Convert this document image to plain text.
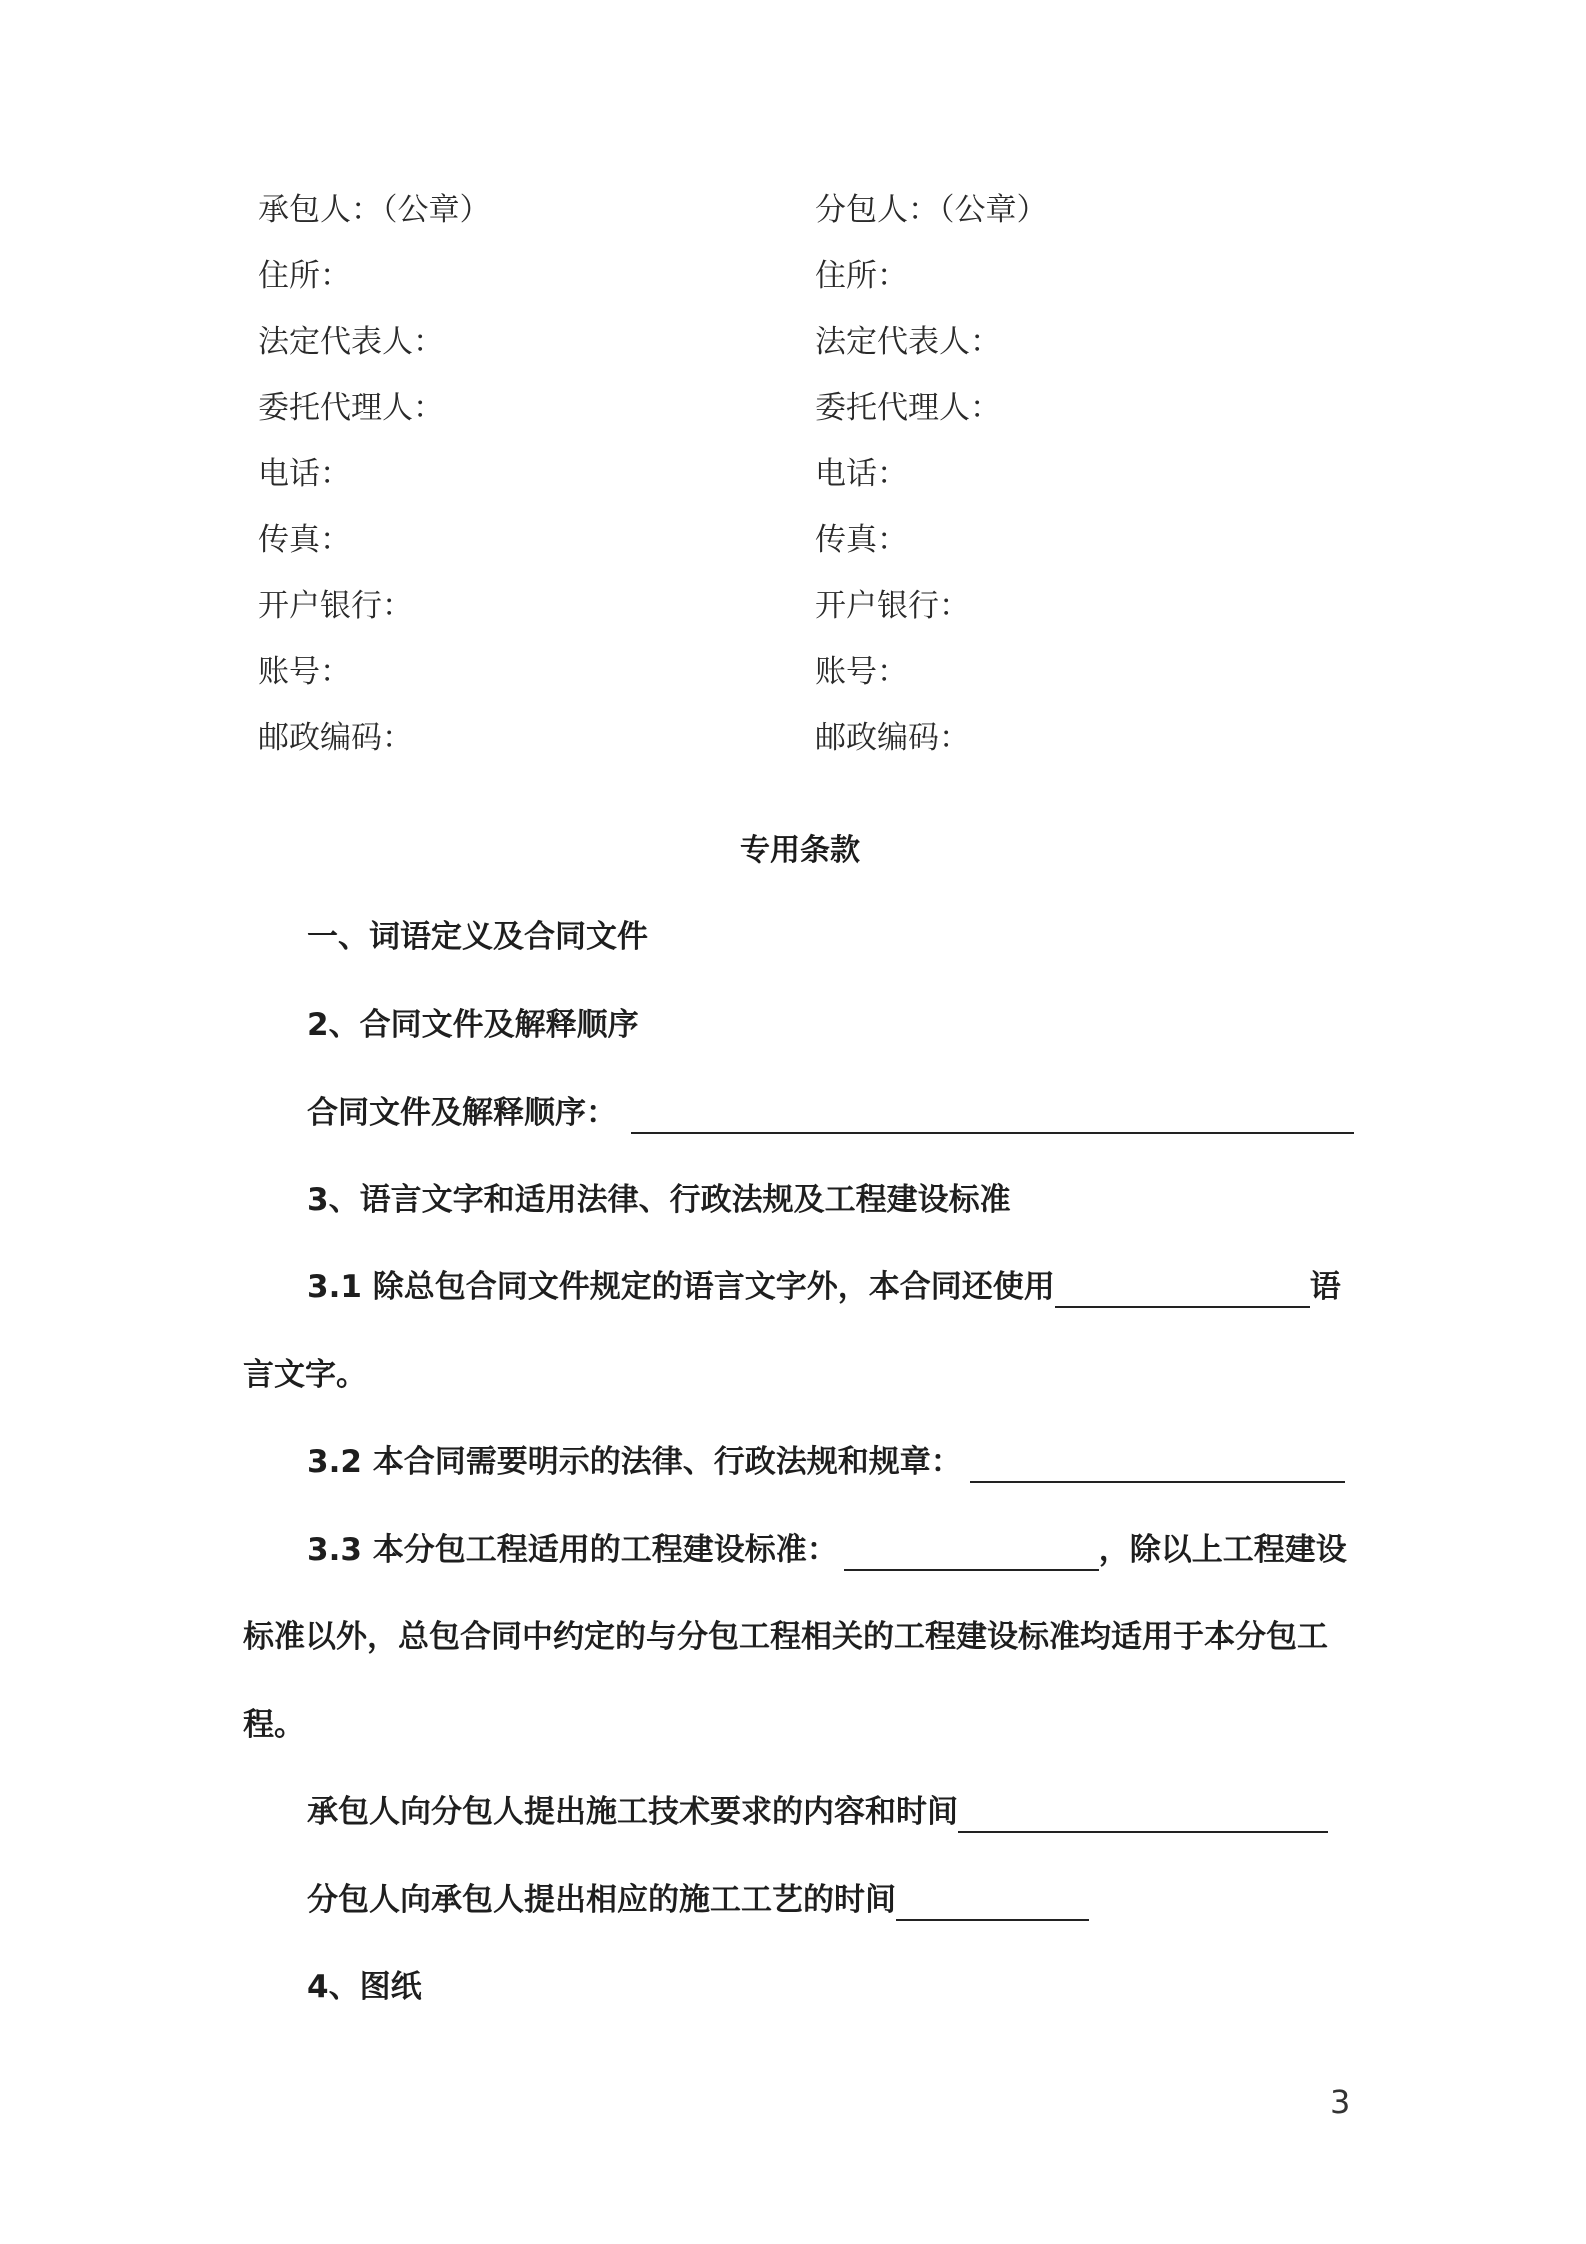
承包人：（公章）
住所：
法定代表人：
委托代理人：
电话：
传真：
开户银行：
账号：
邮政编码：
分包人：（公章）
住所：
法定代表人：
委托代理人：
电话：
传真：
开户银行：
账号：
邮政编码：
专用条款
一、词语定义及合同文件
2、合同文件及解释顺序
合同文件及解释顺序：
3、语言文字和适用法律、行政法规及工程建设标准
3.1 除总包合同文件规定的语言文字外，本合同还使用	语
言文字。
3.2 本合同需要明示的法律、行政法规和规章：
3.3 本分包工程适用的工程建设标准：	，除以上工程建设
标准以外，总包合同中约定的与分包工程相关的工程建设标准均适用于本分包工
程。
承包人向分包人提出施工技术要求的内容和时间
分包人向承包人提出相应的施工工艺的时间
4、图纸
3
